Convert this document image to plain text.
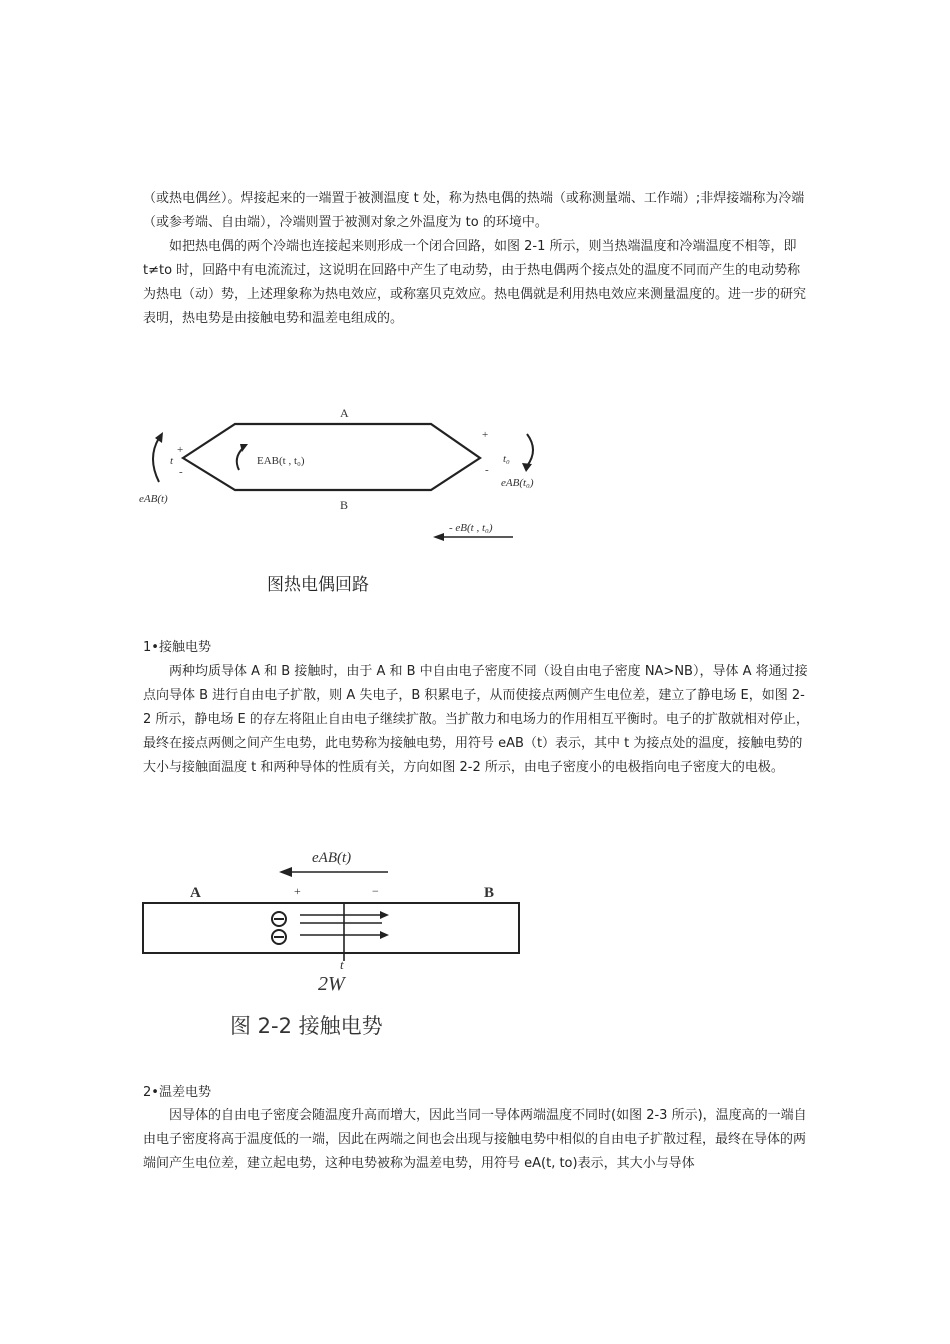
（或热电偶丝）。焊接起来的一端置于被测温度 t 处，称为热电偶的热端（或称测量端、工作端）;非焊接端称为冷端（或参考端、自由端），冷端则置于被测对象之外温度为 to 的环境中。

如把热电偶的两个冷端也连接起来则形成一个闭合回路，如图 2-1 所示，则当热端温度和冷端温度不相等，即 t≠to 时，回路中有电流流过，这说明在回路中产生了电动势，由于热电偶两个接点处的温度不同而产生的电动势称为热电（动）势，上述理象称为热电效应，或称塞贝克效应。热电偶就是利用热电效应来测量温度的。进一步的研究表明，热电势是由接触电势和温差电组成的。

A
B
+
t
-
+
t₀
-
EAB(t , t₀)
eAB(t)
eAB(t₀)
- eB(t , t₀)

图热电偶回路

1•接触电势

两种均质导体 A 和 B 接触时，由于 A 和 B 中自由电子密度不同（设自由电子密度 NA>NB），导体 A 将通过接点向导体 B 进行自由电子扩散，则 A 失电子，B 积累电子，从而使接点两侧产生电位差，建立了静电场 E，如图 2-2 所示，静电场 E 的存左将阻止自由电子继续扩散。当扩散力和电场力的作用相互平衡时。电子的扩散就相对停止，最终在接点两侧之间产生电势，此电势称为接触电势，用符号 eAB（t）表示，其中 t 为接点处的温度，接触电势的大小与接触面温度 t 和两种导体的性质有关，方向如图 2-2 所示，由电子密度小的电极指向电子密度大的电极。

eAB(t)
A	+	−	B
t
2W

图 2-2 接触电势

2•温差电势

因导体的自由电子密度会随温度升高而增大，因此当同一导体两端温度不同时(如图 2-3 所示)，温度高的一端自由电子密度将高于温度低的一端，因此在两端之间也会出现与接触电势中相似的自由电子扩散过程，最终在导体的两端间产生电位差，建立起电势，这种电势被称为温差电势，用符号 eA(t, to)表示，其大小与导体
